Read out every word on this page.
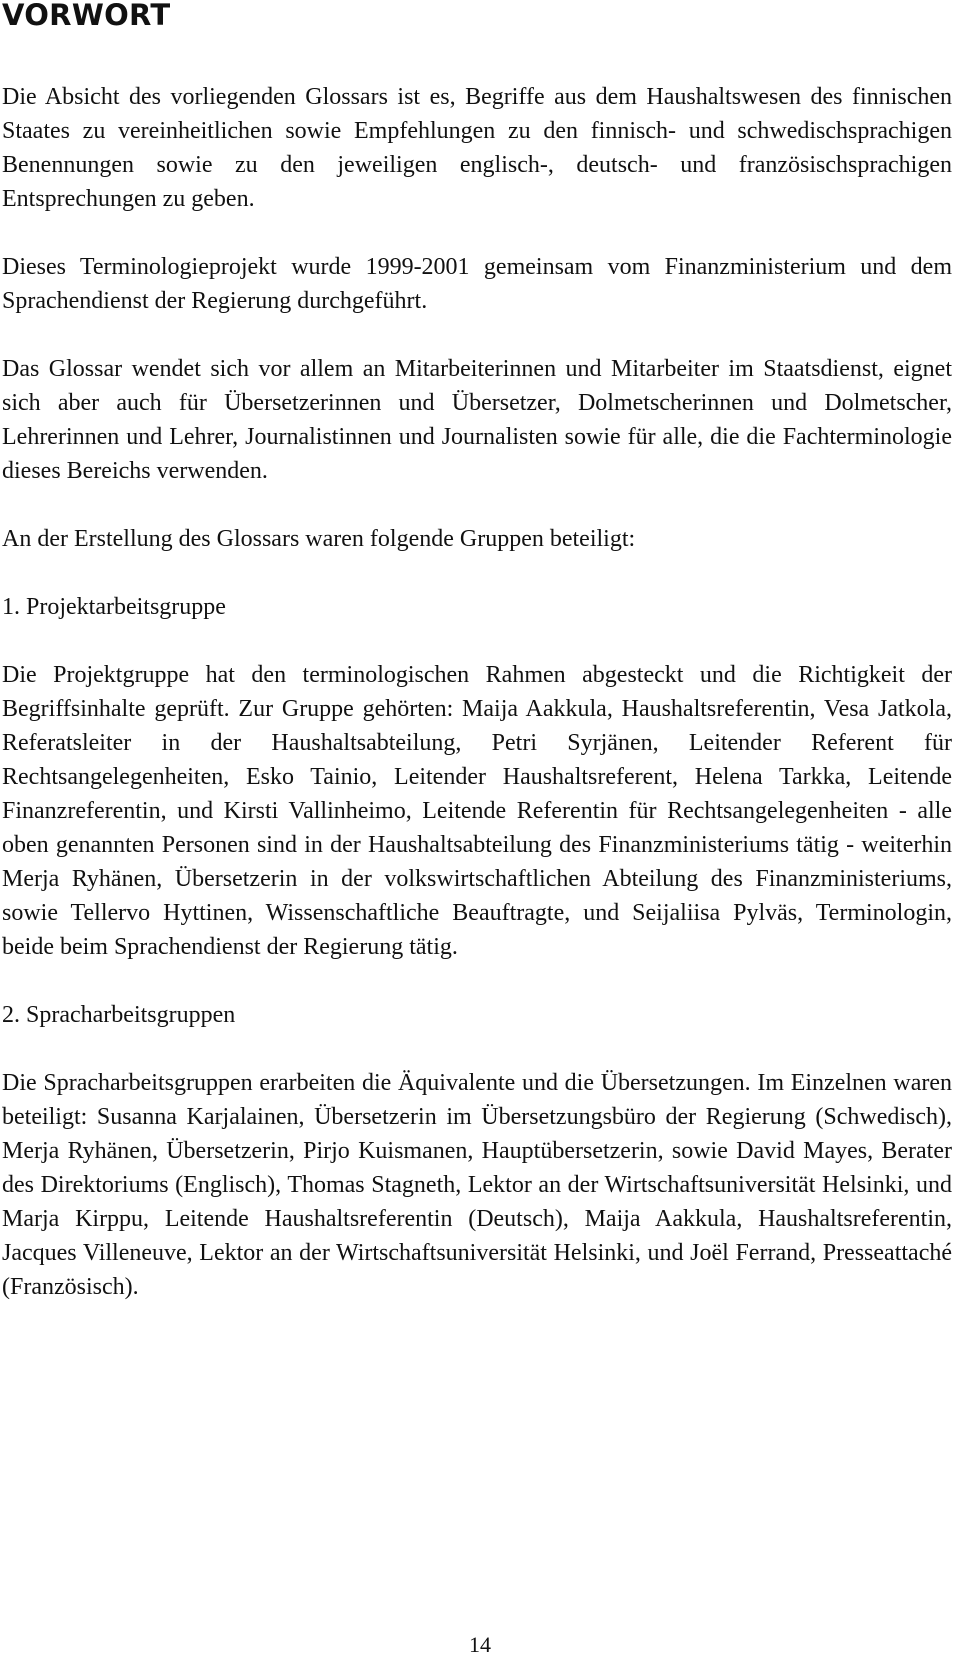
VORWORT

Die Absicht des vorliegenden Glossars ist es, Begriffe aus dem Haushaltswesen des finnischen Staates zu vereinheitlichen sowie Empfehlungen zu den finnisch- und schwedischsprachigen Benennungen sowie zu den jeweiligen englisch-, deutsch- und französischsprachigen Entsprechungen zu geben.

Dieses Terminologieprojekt wurde 1999-2001 gemeinsam vom Finanzministerium und dem Sprachendienst der Regierung durchgeführt.

Das Glossar wendet sich vor allem an Mitarbeiterinnen und Mitarbeiter im Staatsdienst, eignet sich aber auch für Übersetzerinnen und Übersetzer, Dolmetscherinnen und Dolmetscher, Lehrerinnen und Lehrer, Journalistinnen und Journalisten sowie für alle, die die Fachterminologie dieses Bereichs verwenden.

An der Erstellung des Glossars waren folgende Gruppen beteiligt:

1. Projektarbeitsgruppe

Die Projektgruppe hat den terminologischen Rahmen abgesteckt und die Richtigkeit der Begriffsinhalte geprüft. Zur Gruppe gehörten: Maija Aakkula, Haushaltsreferentin, Vesa Jatkola, Referatsleiter in der Haushaltsabteilung, Petri Syrjänen, Leitender Referent für Rechtsangelegenheiten, Esko Tainio, Leitender Haushaltsreferent, Helena Tarkka, Leitende Finanzreferentin, und Kirsti Vallinheimo, Leitende Referentin für Rechtsangelegenheiten - alle oben genannten Personen sind in der Haushaltsabteilung des Finanzministeriums tätig - weiterhin Merja Ryhänen, Übersetzerin in der volkswirtschaftlichen Abteilung des Finanzministeriums, sowie Tellervo Hyttinen, Wissenschaftliche Beauftragte, und Seijaliisa Pylväs, Terminologin, beide beim Sprachendienst der Regierung tätig.

2. Spracharbeitsgruppen

Die Spracharbeitsgruppen erarbeiten die Äquivalente und die Übersetzungen. Im Einzelnen waren beteiligt: Susanna Karjalainen, Übersetzerin im Übersetzungsbüro der Regierung (Schwedisch), Merja Ryhänen, Übersetzerin, Pirjo Kuismanen, Hauptübersetzerin, sowie David Mayes, Berater des Direktoriums (Englisch), Thomas Stagneth, Lektor an der Wirtschaftsuniversität Helsinki, und Marja Kirppu, Leitende Haushaltsreferentin (Deutsch), Maija Aakkula, Haushaltsreferentin, Jacques Villeneuve, Lektor an der Wirtschaftsuniversität Helsinki, und Joël Ferrand, Presseattaché (Französisch).

14
